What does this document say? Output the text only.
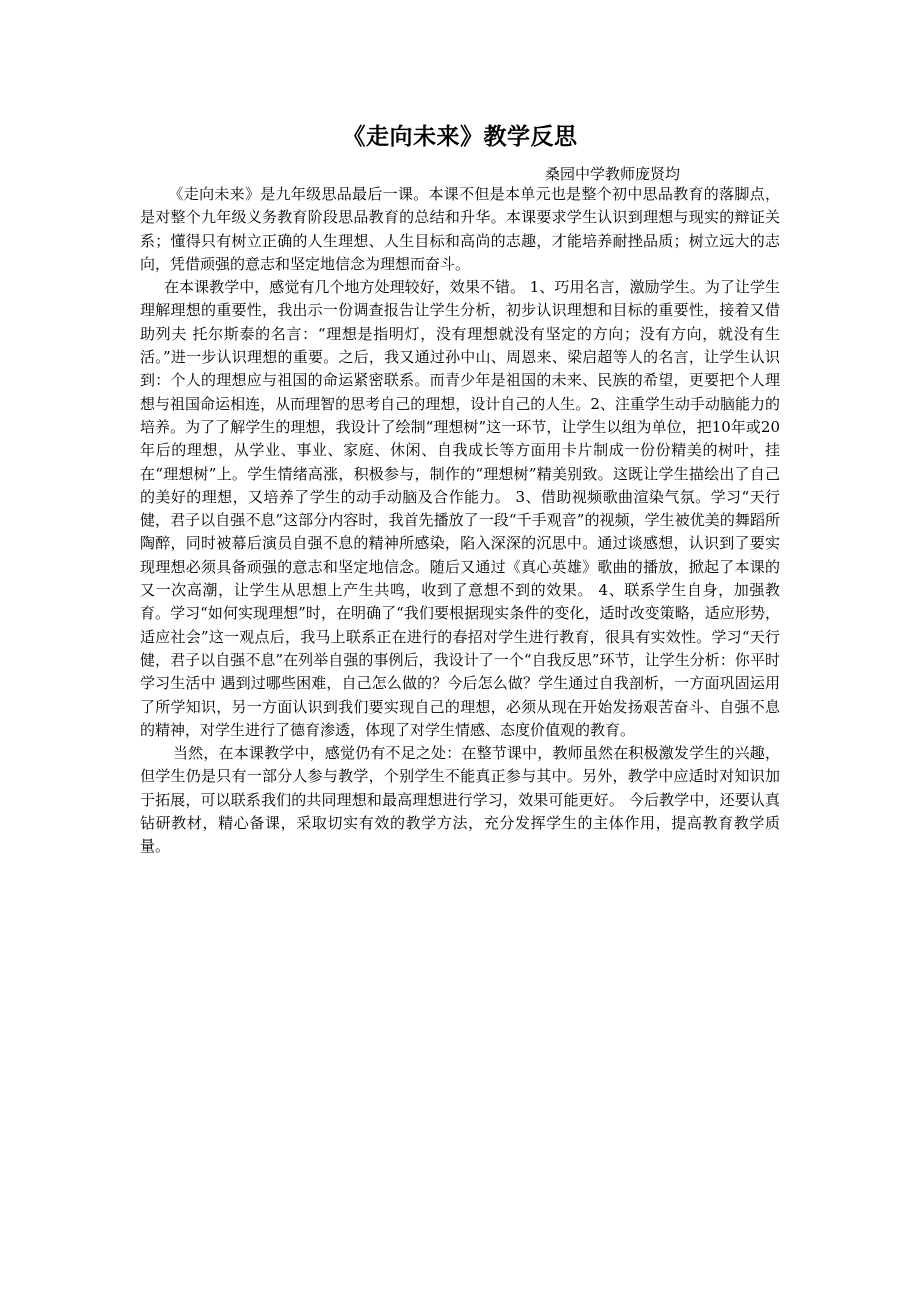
《走向未来》教学反思
桑园中学教师庞贤均

《走向未来》是九年级思品最后一课。本课不但是本单元也是整个初中思品教育的落脚点，是对整个九年级义务教育阶段思品教育的总结和升华。本课要求学生认识到理想与现实的辩证关系；懂得只有树立正确的人生理想、人生目标和高尚的志趣，才能培养耐挫品质；树立远大的志向，凭借顽强的意志和坚定地信念为理想而奋斗。

在本课教学中，感觉有几个地方处理较好，效果不错。 1、巧用名言，激励学生。为了让学生理解理想的重要性，我出示一份调查报告让学生分析，初步认识理想和目标的重要性，接着又借助列夫 托尔斯泰的名言：“理想是指明灯，没有理想就没有坚定的方向；没有方向，就没有生活。”进一步认识理想的重要。之后，我又通过孙中山、周恩来、梁启超等人的名言，让学生认识到：个人的理想应与祖国的命运紧密联系。而青少年是祖国的未来、民族的希望，更要把个人理想与祖国命运相连，从而理智的思考自己的理想，设计自己的人生。2、注重学生动手动脑能力的培养。为了了解学生的理想，我设计了绘制“理想树”这一环节，让学生以组为单位，把10年或20年后的理想，从学业、事业、家庭、休闲、自我成长等方面用卡片制成一份份精美的树叶，挂在“理想树”上。学生情绪高涨，积极参与，制作的“理想树”精美别致。这既让学生描绘出了自己的美好的理想，又培养了学生的动手动脑及合作能力。 3、借助视频歌曲渲染气氛。学习“天行健，君子以自强不息”这部分内容时，我首先播放了一段“千手观音”的视频，学生被优美的舞蹈所陶醉，同时被幕后演员自强不息的精神所感染，陷入深深的沉思中。通过谈感想，认识到了要实现理想必须具备顽强的意志和坚定地信念。随后又通过《真心英雄》歌曲的播放，掀起了本课的又一次高潮，让学生从思想上产生共鸣，收到了意想不到的效果。 4、联系学生自身，加强教育。学习“如何实现理想”时，在明确了“我们要根据现实条件的变化，适时改变策略，适应形势，适应社会”这一观点后，我马上联系正在进行的春招对学生进行教育，很具有实效性。学习“天行健，君子以自强不息”在列举自强的事例后，我设计了一个“自我反思”环节，让学生分析：你平时学习生活中 遇到过哪些困难，自己怎么做的？今后怎么做？学生通过自我剖析，一方面巩固运用了所学知识，另一方面认识到我们要实现自己的理想，必须从现在开始发扬艰苦奋斗、自强不息的精神，对学生进行了德育渗透，体现了对学生情感、态度价值观的教育。

当然，在本课教学中，感觉仍有不足之处：在整节课中，教师虽然在积极激发学生的兴趣，但学生仍是只有一部分人参与教学，个别学生不能真正参与其中。另外，教学中应适时对知识加于拓展，可以联系我们的共同理想和最高理想进行学习，效果可能更好。 今后教学中，还要认真钻研教材，精心备课，采取切实有效的教学方法，充分发挥学生的主体作用，提高教育教学质量。
